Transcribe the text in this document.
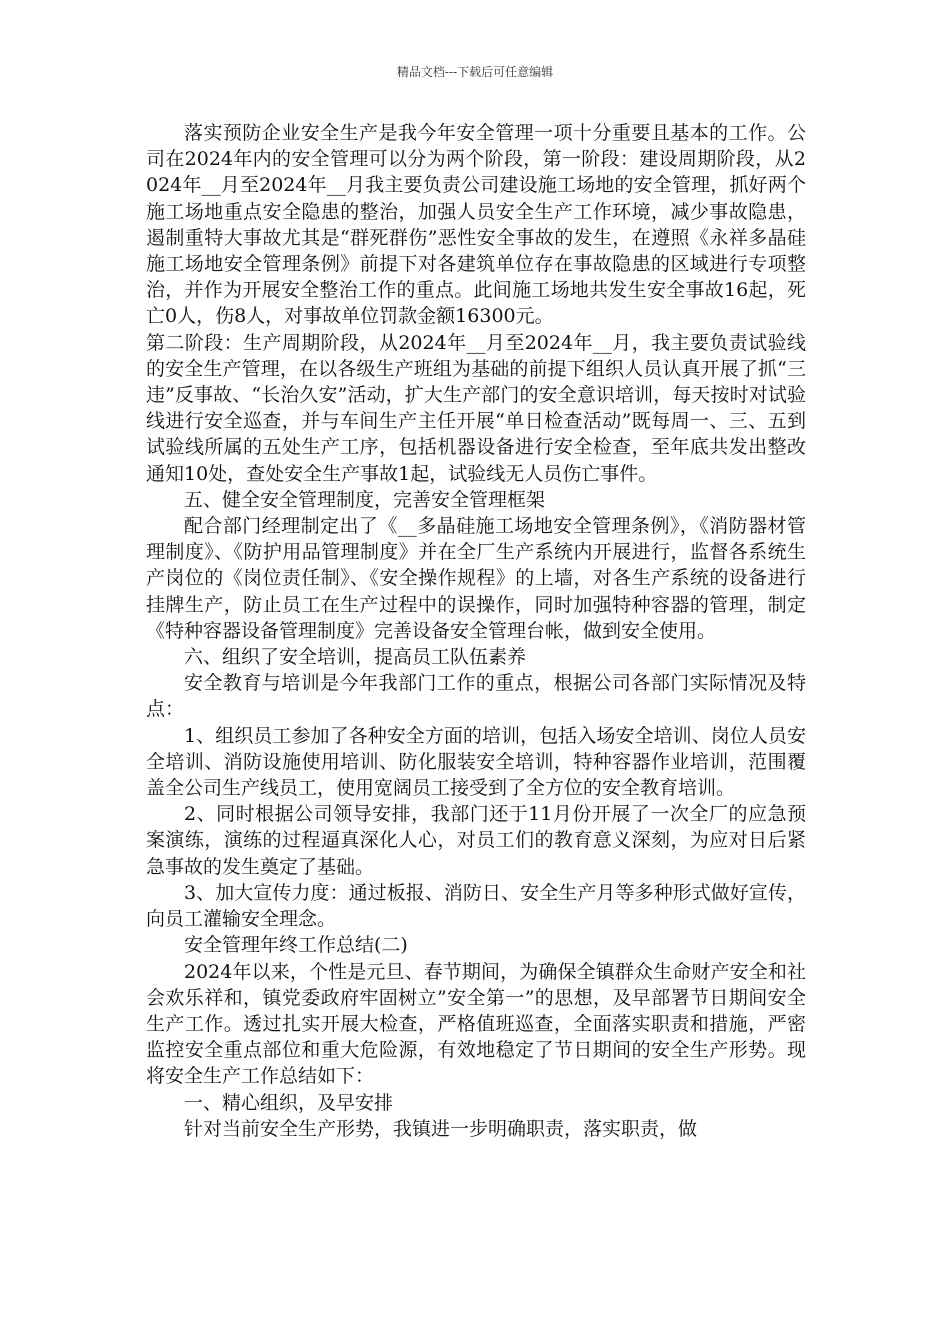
精品文档---下载后可任意编辑

落实预防企业安全生产是我今年安全管理一项十分重要且基本的工作。公司在2024年内的安全管理可以分为两个阶段，第一阶段：建设周期阶段，从2024年__月至2024年__月我主要负责公司建设施工场地的安全管理，抓好两个施工场地重点安全隐患的整治，加强人员安全生产工作环境，减少事故隐患，遏制重特大事故尤其是“群死群伤”恶性安全事故的发生，在遵照《永祥多晶硅施工场地安全管理条例》前提下对各建筑单位存在事故隐患的区域进行专项整治，并作为开展安全整治工作的重点。此间施工场地共发生安全事故16起，死亡0人，伤8人，对事故单位罚款金额16300元。

第二阶段：生产周期阶段，从2024年__月至2024年__月，我主要负责试验线的安全生产管理，在以各级生产班组为基础的前提下组织人员认真开展了抓“三违”反事故、“长治久安”活动，扩大生产部门的安全意识培训，每天按时对试验线进行安全巡查，并与车间生产主任开展“单日检查活动”既每周一、三、五到试验线所属的五处生产工序，包括机器设备进行安全检查，至年底共发出整改通知10处，查处安全生产事故1起，试验线无人员伤亡事件。

五、健全安全管理制度，完善安全管理框架

配合部门经理制定出了《__多晶硅施工场地安全管理条例》，《消防器材管理制度》、《防护用品管理制度》并在全厂生产系统内开展进行，监督各系统生产岗位的《岗位责任制》、《安全操作规程》的上墙，对各生产系统的设备进行挂牌生产，防止员工在生产过程中的误操作，同时加强特种容器的管理，制定《特种容器设备管理制度》完善设备安全管理台帐，做到安全使用。

六、组织了安全培训，提高员工队伍素养

安全教育与培训是今年我部门工作的重点，根据公司各部门实际情况及特点：

1、组织员工参加了各种安全方面的培训，包括入场安全培训、岗位人员安全培训、消防设施使用培训、防化服装安全培训，特种容器作业培训，范围覆盖全公司生产线员工，使用宽阔员工接受到了全方位的安全教育培训。

2、同时根据公司领导安排，我部门还于11月份开展了一次全厂的应急预案演练，演练的过程逼真深化人心，对员工们的教育意义深刻，为应对日后紧急事故的发生奠定了基础。

3、加大宣传力度：通过板报、消防日、安全生产月等多种形式做好宣传，向员工灌输安全理念。

安全管理年终工作总结(二)

2024年以来，个性是元旦、春节期间，为确保全镇群众生命财产安全和社会欢乐祥和，镇党委政府牢固树立”安全第一”的思想，及早部署节日期间安全生产工作。透过扎实开展大检查，严格值班巡查，全面落实职责和措施，严密监控安全重点部位和重大危险源，有效地稳定了节日期间的安全生产形势。现将安全生产工作总结如下：

一、精心组织，及早安排

针对当前安全生产形势，我镇进一步明确职责，落实职责，做
